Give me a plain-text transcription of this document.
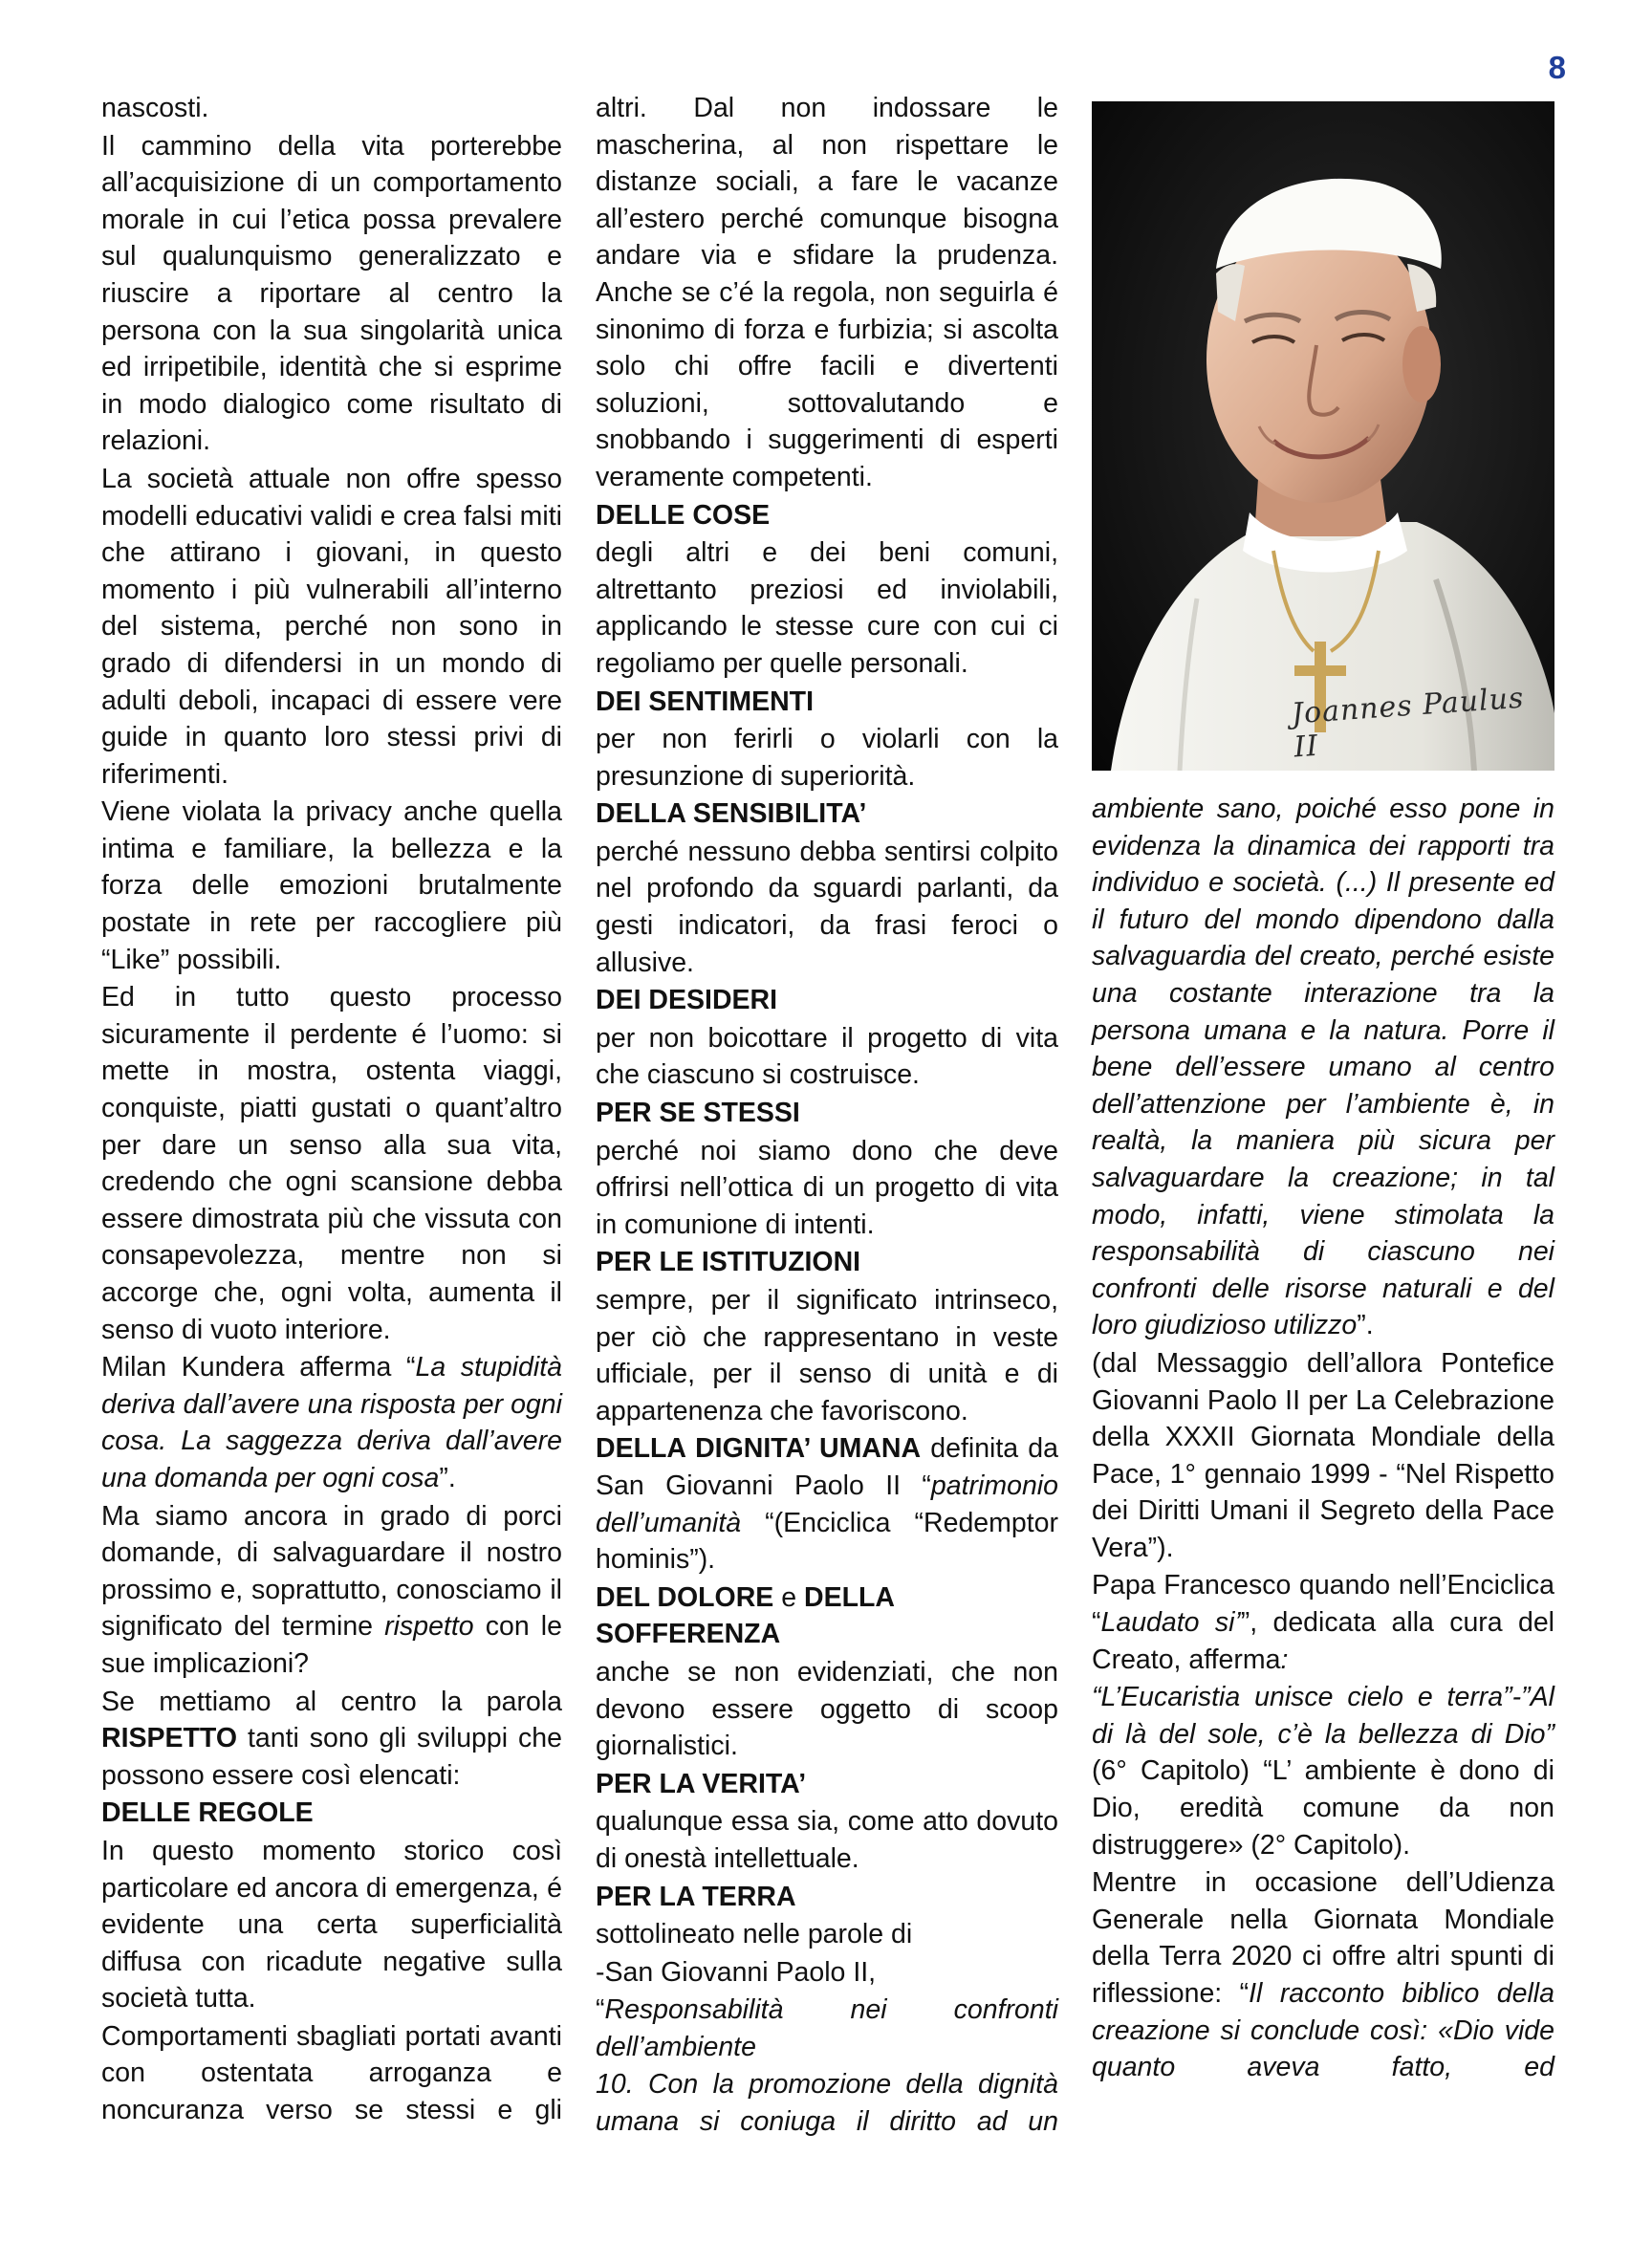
8
Joannes Paulus II

nascosti.

Il cammino della vita porterebbe all’acquisizione di un comportamento morale in cui l’etica possa prevalere sul qualunquismo generalizzato e riuscire a riportare al centro la persona con la sua singolarità unica ed irripetibile, identità che si esprime in modo dialogico come risultato di relazioni.

La società attuale non offre spesso modelli educativi validi e crea falsi miti che attirano i giovani, in questo momento i più vulnerabili all’interno del sistema, perché non sono in grado di difendersi in un mondo di adulti deboli, incapaci di essere vere guide in quanto loro stessi privi di riferimenti.

Viene violata la privacy anche quella intima e familiare, la bellezza e la forza delle emozioni brutalmente postate in rete per raccogliere più “Like” possibili.

Ed in tutto questo processo sicuramente il perdente é l’uomo: si mette in mostra, ostenta viaggi, conquiste, piatti gustati o quant’altro per dare un senso alla sua vita, credendo che ogni scansione debba essere dimostrata più che vissuta con consapevolezza, mentre non si accorge che, ogni volta, aumenta il senso di vuoto interiore.

Milan Kundera afferma “La stupidità deriva dall’avere una risposta per ogni cosa. La saggezza deriva dall’avere una domanda per ogni cosa”.

Ma siamo ancora in grado di porci domande, di salvaguardare il nostro prossimo e, soprattutto, conosciamo il significato del termine rispetto con le sue implicazioni?

Se mettiamo al centro la parola RISPETTO tanti sono gli sviluppi che possono essere così elencati:

DELLE REGOLE

In questo momento storico così particolare ed ancora di emergenza, é evidente una certa superficialità diffusa con ricadute negative sulla società tutta.

Comportamenti sbagliati portati avanti con ostentata arroganza e noncuranza verso se stessi e gli

altri. Dal non indossare le mascherina, al non rispettare le distanze sociali, a fare le vacanze all’estero perché comunque bisogna andare via e sfidare la prudenza. Anche se c’é la regola, non seguirla é sinonimo di forza e furbizia; si ascolta solo chi offre facili e divertenti soluzioni, sottovalutando e snobbando i suggerimenti di esperti veramente competenti.

DELLE COSE

degli altri e dei beni comuni, altrettanto preziosi ed inviolabili, applicando le stesse cure con cui ci regoliamo per quelle personali.

DEI SENTIMENTI

per non ferirli o violarli con la presunzione di superiorità.

DELLA SENSIBILITA’

perché nessuno debba sentirsi colpito nel profondo da sguardi parlanti, da gesti indicatori, da frasi feroci o allusive.

DEI DESIDERI

per non boicottare il progetto di vita che ciascuno si costruisce.

PER SE STESSI

perché noi siamo dono che deve offrirsi nell’ottica di un progetto di vita in comunione di intenti.

PER LE ISTITUZIONI

sempre, per il significato intrinseco, per ciò che rappresentano in veste ufficiale, per il senso di unità e di appartenenza che favoriscono.

DELLA DIGNITA’ UMANA definita da San Giovanni Paolo II “patrimonio dell’umanità “(Enciclica “Redemptor hominis”).

DEL DOLORE e DELLA SOFFERENZA

anche se non evidenziati, che non devono essere oggetto di scoop giornalistici.

PER LA VERITA’

qualunque essa sia, come atto dovuto di onestà intellettuale.

PER LA TERRA

sottolineato nelle parole di

-San Giovanni Paolo II,

“Responsabilità nei confronti dell’ambiente

10. Con la promozione della dignità umana si coniuga il diritto ad un

ambiente sano, poiché esso pone in evidenza la dinamica dei rapporti tra individuo e società. (...) Il presente ed il futuro del mondo dipendono dalla salvaguardia del creato, perché esiste una costante interazione tra la persona umana e la natura. Porre il bene dell’essere umano al centro dell’attenzione per l’ambiente è, in realtà, la maniera più sicura per salvaguardare la creazione; in tal modo, infatti, viene stimolata la responsabilità di ciascuno nei confronti delle risorse naturali e del loro giudizioso utilizzo”.

(dal Messaggio dell’allora Pontefice Giovanni Paolo II per La Celebrazione della XXXII Giornata Mondiale della Pace, 1° gennaio 1999 - “Nel Rispetto dei Diritti Umani il Segreto della Pace Vera”).

Papa Francesco quando nell’Enciclica “Laudato si’”, dedicata alla cura del Creato, afferma:

“L’Eucaristia unisce cielo e terra”-”Al di là del sole, c’è la bellezza di Dio” (6° Capitolo) “L’ ambiente è dono di Dio, eredità comune da non distruggere» (2° Capitolo).

Mentre in occasione dell’Udienza Generale nella Giornata Mondiale della Terra 2020 ci offre altri spunti di riflessione: “Il racconto biblico della creazione si conclude così: «Dio vide quanto aveva fatto, ed
